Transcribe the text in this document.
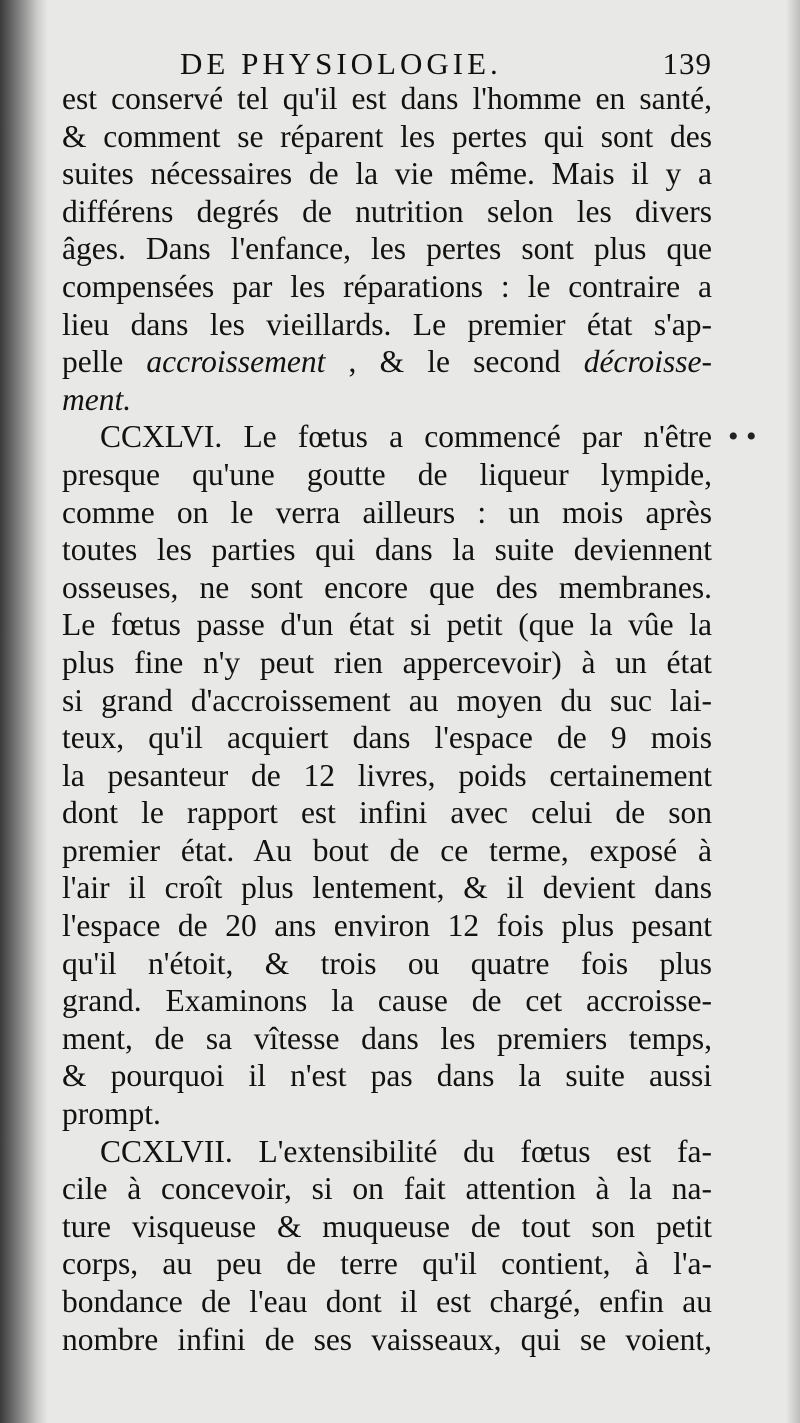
DE PHYSIOLOGIE.	139
• •
est conservé tel qu'il est dans l'homme en santé,
& comment se réparent les pertes qui sont des
suites nécessaires de la vie même. Mais il y a
différens degrés de nutrition selon les divers
âges. Dans l'enfance, les pertes sont plus que
compensées par les réparations : le contraire a
lieu dans les vieillards. Le premier état s'ap-
pelle accroissement , & le second décroisse-
ment.
CCXLVI. Le fœtus a commencé par n'être
presque qu'une goutte de liqueur lympide,
comme on le verra ailleurs : un mois après
toutes les parties qui dans la suite deviennent
osseuses, ne sont encore que des membranes.
Le fœtus passe d'un état si petit (que la vûe la
plus fine n'y peut rien appercevoir) à un état
si grand d'accroissement au moyen du suc lai-
teux, qu'il acquiert dans l'espace de 9 mois
la pesanteur de 12 livres, poids certainement
dont le rapport est infini avec celui de son
premier état. Au bout de ce terme, exposé à
l'air il croît plus lentement, & il devient dans
l'espace de 20 ans environ 12 fois plus pesant
qu'il n'étoit, & trois ou quatre fois plus
grand. Examinons la cause de cet accroisse-
ment, de sa vîtesse dans les premiers temps,
& pourquoi il n'est pas dans la suite aussi
prompt.
CCXLVII. L'extensibilité du fœtus est fa-
cile à concevoir, si on fait attention à la na-
ture visqueuse & muqueuse de tout son petit
corps, au peu de terre qu'il contient, à l'a-
bondance de l'eau dont il est chargé, enfin au
nombre infini de ses vaisseaux, qui se voient,
